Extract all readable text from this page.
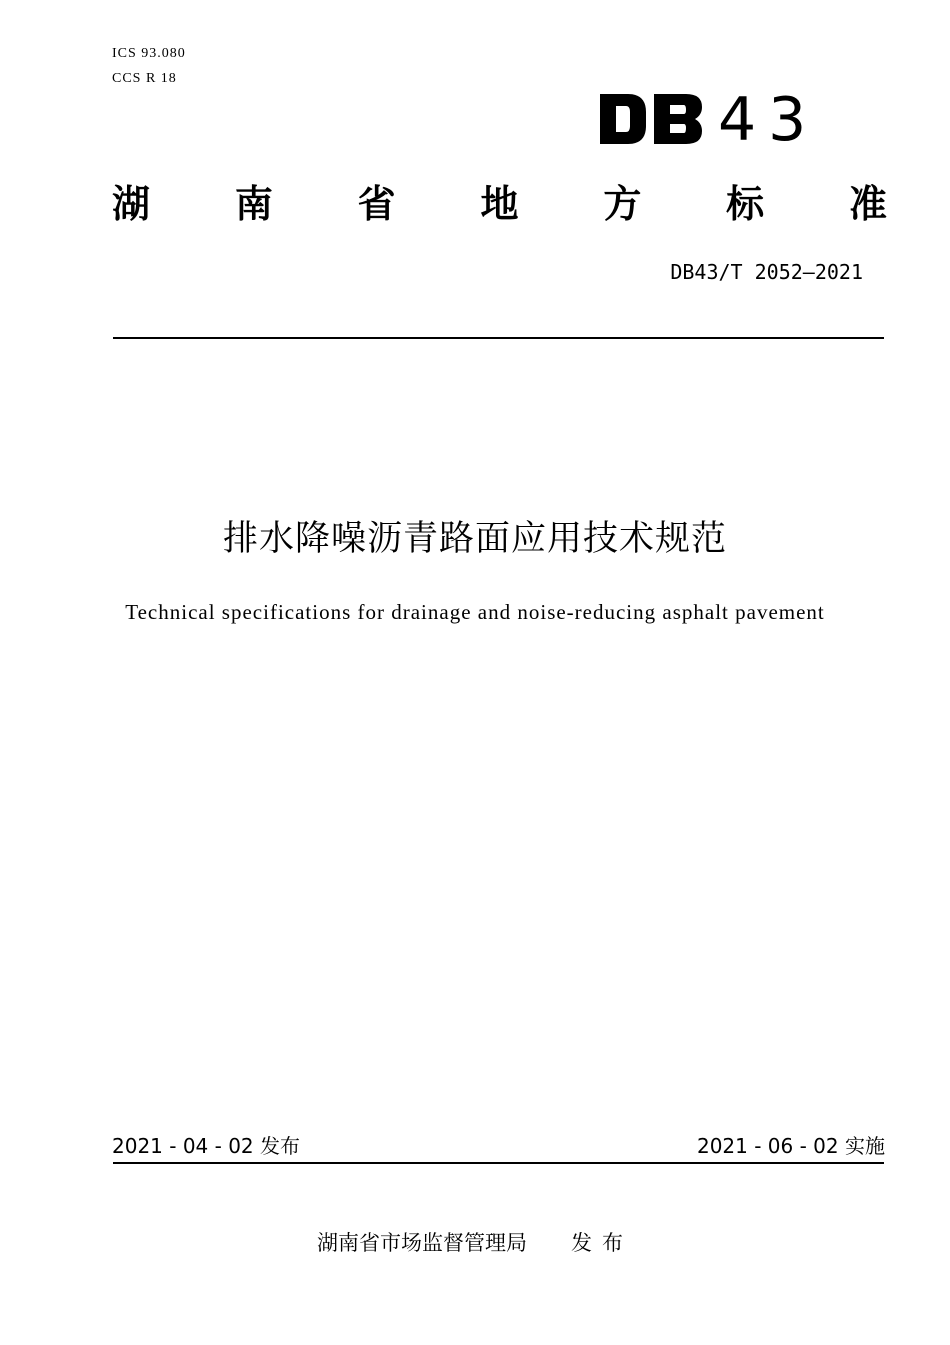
ICS 93.080
CCS R 18
DB 43
湖 南 省 地 方 标 准
DB43/T 2052—2021
排水降噪沥青路面应用技术规范
Technical specifications for drainage and noise-reducing asphalt pavement
2021 - 04 - 02 发布	2021 - 06 - 02 实施
湖南省市场监督管理局 发布
